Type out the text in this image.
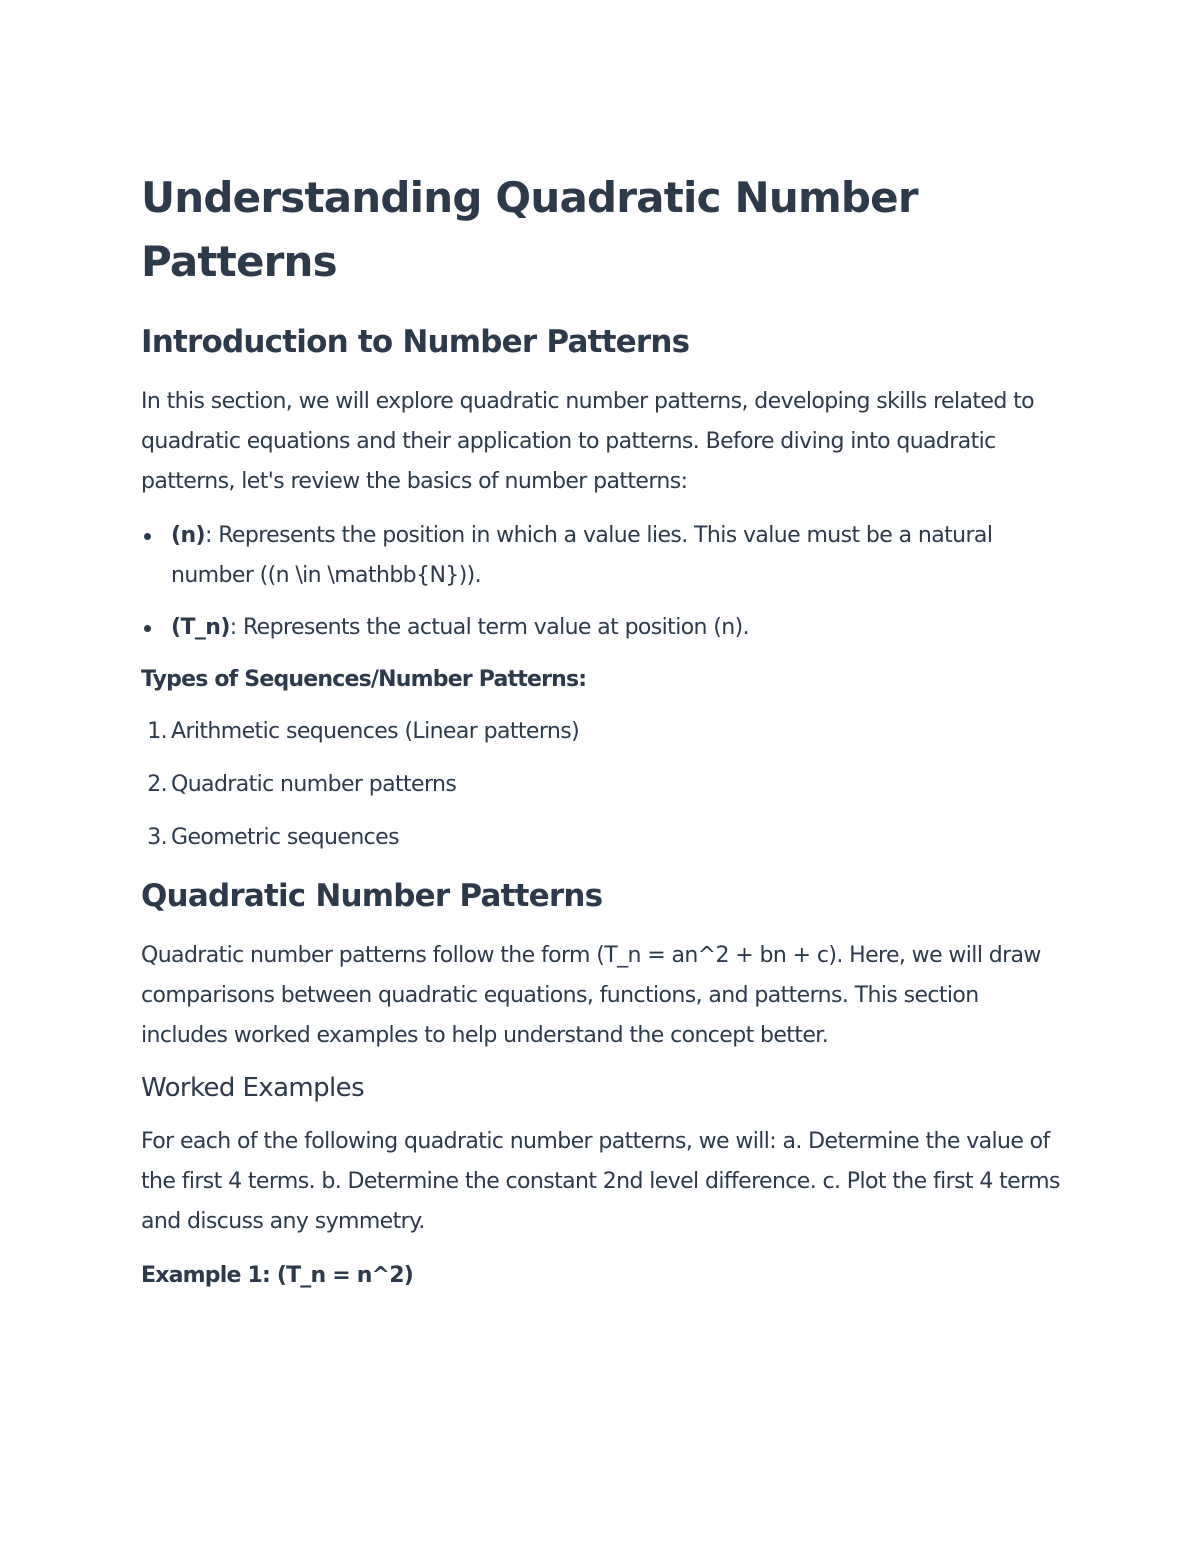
Understanding Quadratic Number Patterns
Introduction to Number Patterns

In this section, we will explore quadratic number patterns, developing skills related to quadratic equations and their application to patterns. Before diving into quadratic patterns, let's review the basics of number patterns:

(n): Represents the position in which a value lies. This value must be a natural number ((n \in \mathbb{N})).
(T_n): Represents the actual term value at position (n).

Types of Sequences/Number Patterns:

1. Arithmetic sequences (Linear patterns)
2. Quadratic number patterns
3. Geometric sequences
Quadratic Number Patterns

Quadratic number patterns follow the form (T_n = an^2 + bn + c). Here, we will draw comparisons between quadratic equations, functions, and patterns. This section includes worked examples to help understand the concept better.

Worked Examples

For each of the following quadratic number patterns, we will: a. Determine the value of the first 4 terms. b. Determine the constant 2nd level difference. c. Plot the first 4 terms and discuss any symmetry.

Example 1: (T_n = n^2)
